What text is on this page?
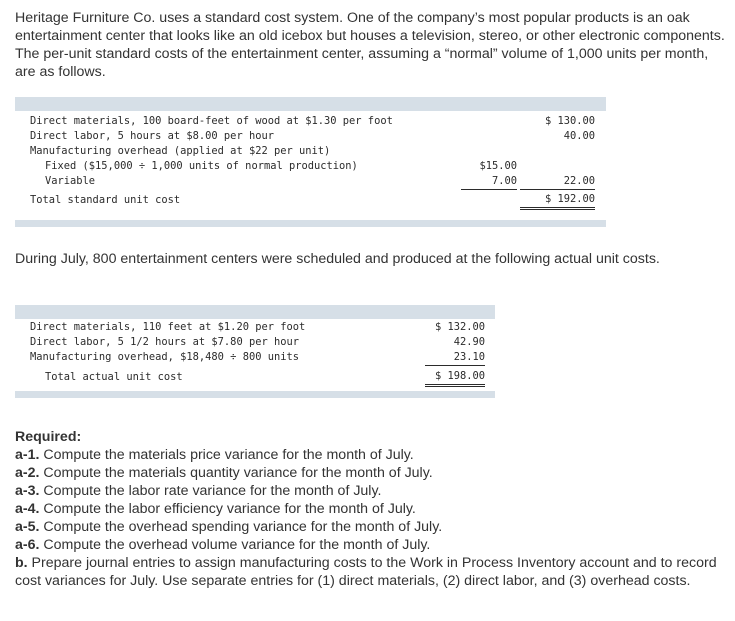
Heritage Furniture Co. uses a standard cost system. One of the company’s most popular products is an oak entertainment center that looks like an old icebox but houses a television, stereo, or other electronic components. The per-unit standard costs of the entertainment center, assuming a “normal” volume of 1,000 units per month, are as follows.

Direct materials, 100 board-feet of wood at $1.30 per foot	$ 130.00
Direct labor, 5 hours at $8.00 per hour	40.00
Manufacturing overhead (applied at $22 per unit)
Fixed ($15,000 ÷ 1,000 units of normal production)	$15.00
Variable	7.00	22.00
Total standard unit cost	$ 192.00

During July, 800 entertainment centers were scheduled and produced at the following actual unit costs.

Direct materials, 110 feet at $1.20 per foot	$ 132.00
Direct labor, 5 1/2 hours at $7.80 per hour	42.90
Manufacturing overhead, $18,480 ÷ 800 units	23.10
Total actual unit cost	$ 198.00
Required:
a-1. Compute the materials price variance for the month of July.
a-2. Compute the materials quantity variance for the month of July.
a-3. Compute the labor rate variance for the month of July.
a-4. Compute the labor efficiency variance for the month of July.
a-5. Compute the overhead spending variance for the month of July.
a-6. Compute the overhead volume variance for the month of July.
b. Prepare journal entries to assign manufacturing costs to the Work in Process Inventory account and to record cost variances for July. Use separate entries for (1) direct materials, (2) direct labor, and (3) overhead costs.
